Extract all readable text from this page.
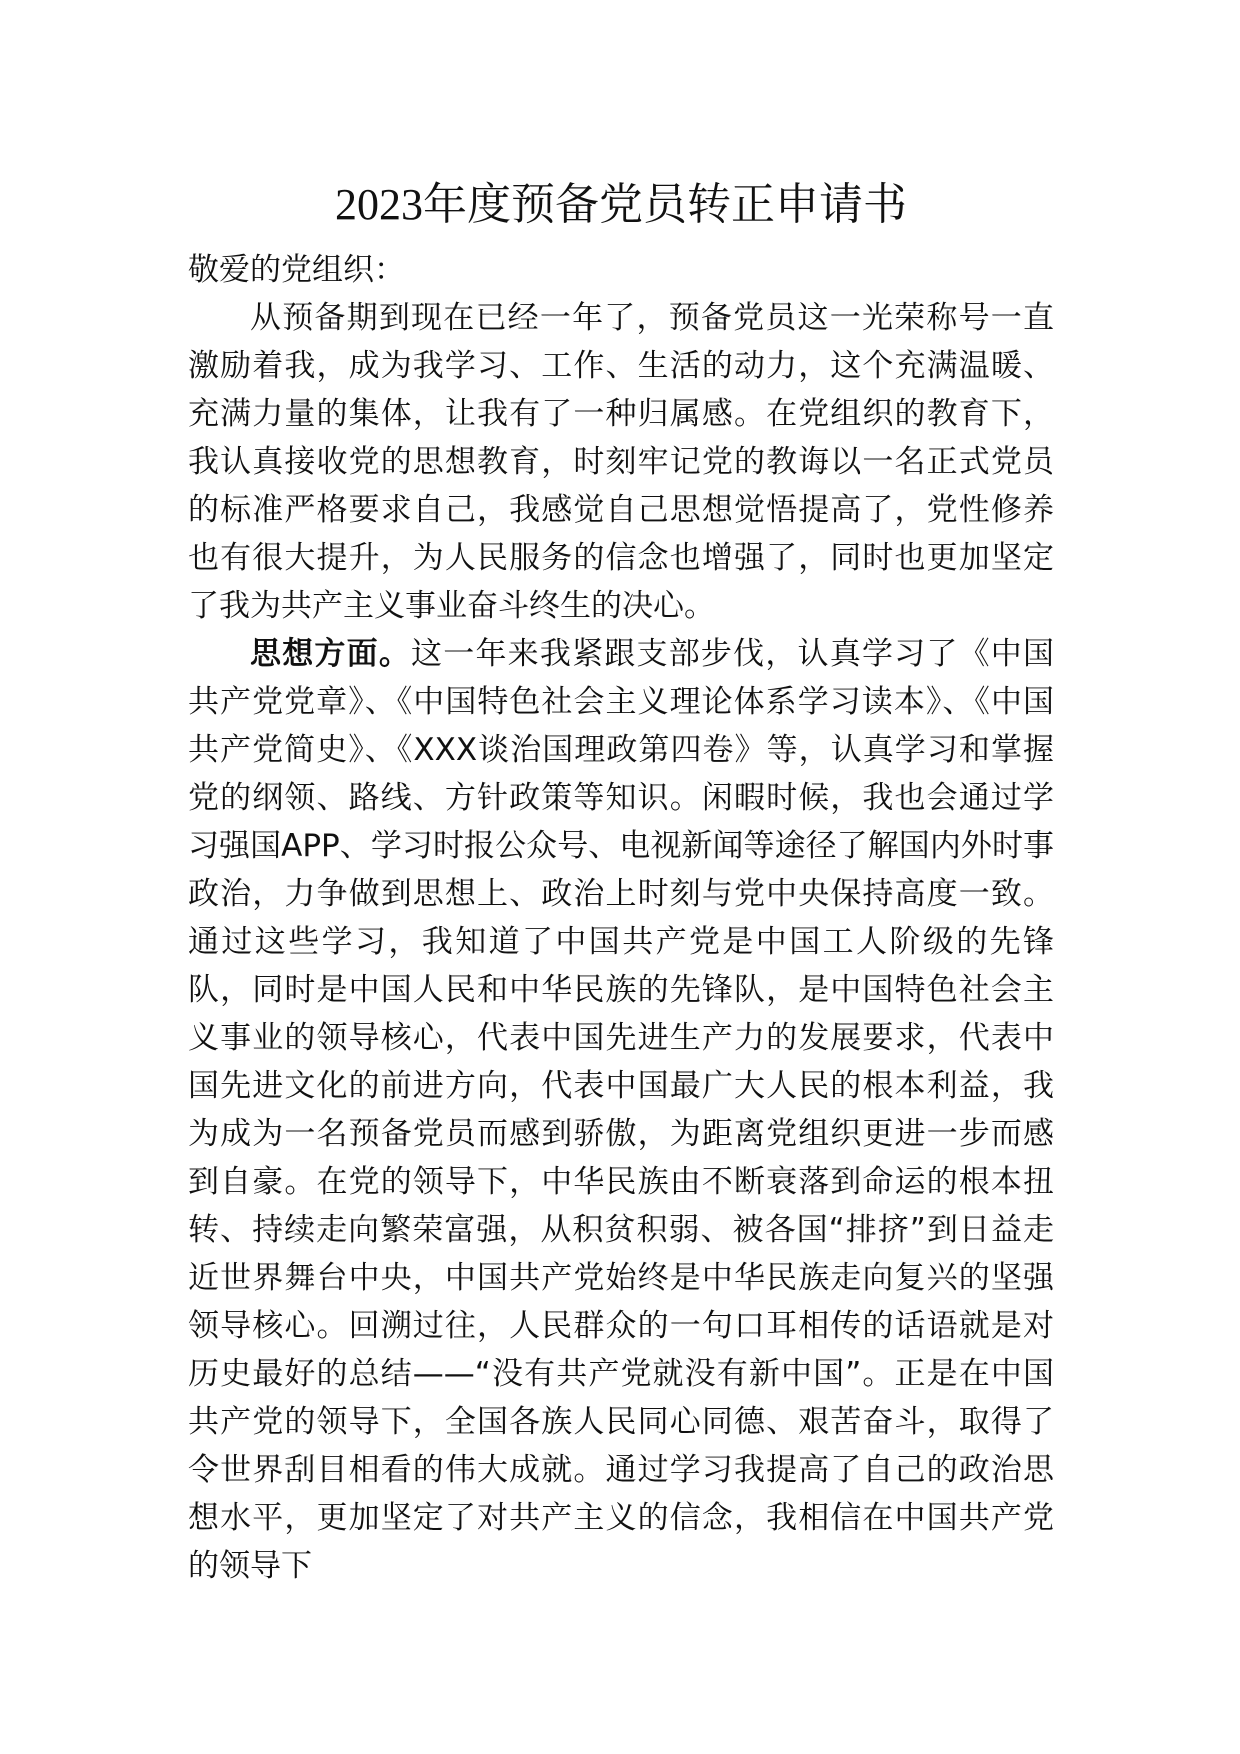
2023年度预备党员转正申请书

敬爱的党组织：

从预备期到现在已经一年了，预备党员这一光荣称号一直激励着我，成为我学习、工作、生活的动力，这个充满温暖、充满力量的集体，让我有了一种归属感。在党组织的教育下，我认真接收党的思想教育，时刻牢记党的教诲以一名正式党员的标准严格要求自己，我感觉自己思想觉悟提高了，党性修养也有很大提升，为人民服务的信念也增强了，同时也更加坚定了我为共产主义事业奋斗终生的决心。

思想方面。这一年来我紧跟支部步伐，认真学习了《中国共产党党章》、《中国特色社会主义理论体系学习读本》、《中国共产党简史》、《XXX谈治国理政第四卷》等，认真学习和掌握党的纲领、路线、方针政策等知识。闲暇时候，我也会通过学习强国APP、学习时报公众号、电视新闻等途径了解国内外时事政治，力争做到思想上、政治上时刻与党中央保持高度一致。通过这些学习，我知道了中国共产党是中国工人阶级的先锋队，同时是中国人民和中华民族的先锋队，是中国特色社会主义事业的领导核心，代表中国先进生产力的发展要求，代表中国先进文化的前进方向，代表中国最广大人民的根本利益，我为成为一名预备党员而感到骄傲，为距离党组织更进一步而感到自豪。在党的领导下，中华民族由不断衰落到命运的根本扭转、持续走向繁荣富强，从积贫积弱、被各国“排挤”到日益走近世界舞台中央，中国共产党始终是中华民族走向复兴的坚强领导核心。回溯过往，人民群众的一句口耳相传的话语就是对历史最好的总结——“没有共产党就没有新中国”。正是在中国共产党的领导下，全国各族人民同心同德、艰苦奋斗，取得了令世界刮目相看的伟大成就。通过学习我提高了自己的政治思想水平，更加坚定了对共产主义的信念，我相信在中国共产党的领导下
